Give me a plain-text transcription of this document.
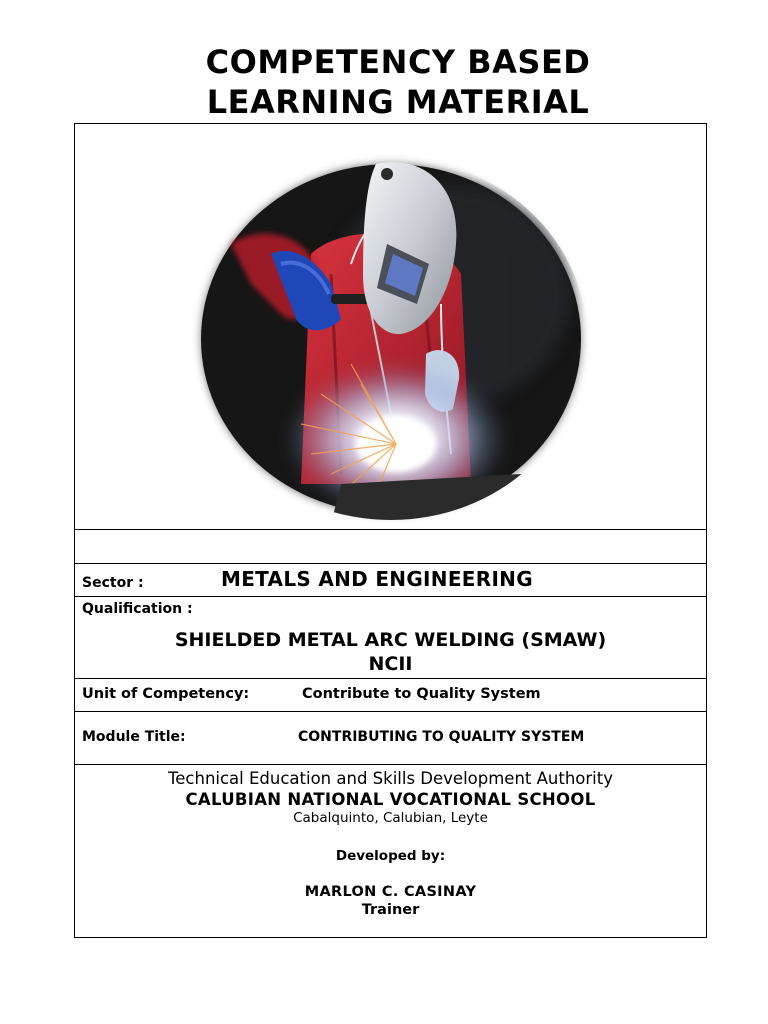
COMPETENCY BASED
LEARNING MATERIAL
Sector :	METALS AND ENGINEERING
Qualification :
SHIELDED METAL ARC WELDING (SMAW)
NCII
Unit of Competency:	Contribute to Quality System
Module Title:	CONTRIBUTING TO QUALITY SYSTEM
Technical Education and Skills Development Authority
CALUBIAN NATIONAL VOCATIONAL SCHOOL
Cabalquinto, Calubian, Leyte
Developed by:
MARLON C. CASINAY
Trainer
